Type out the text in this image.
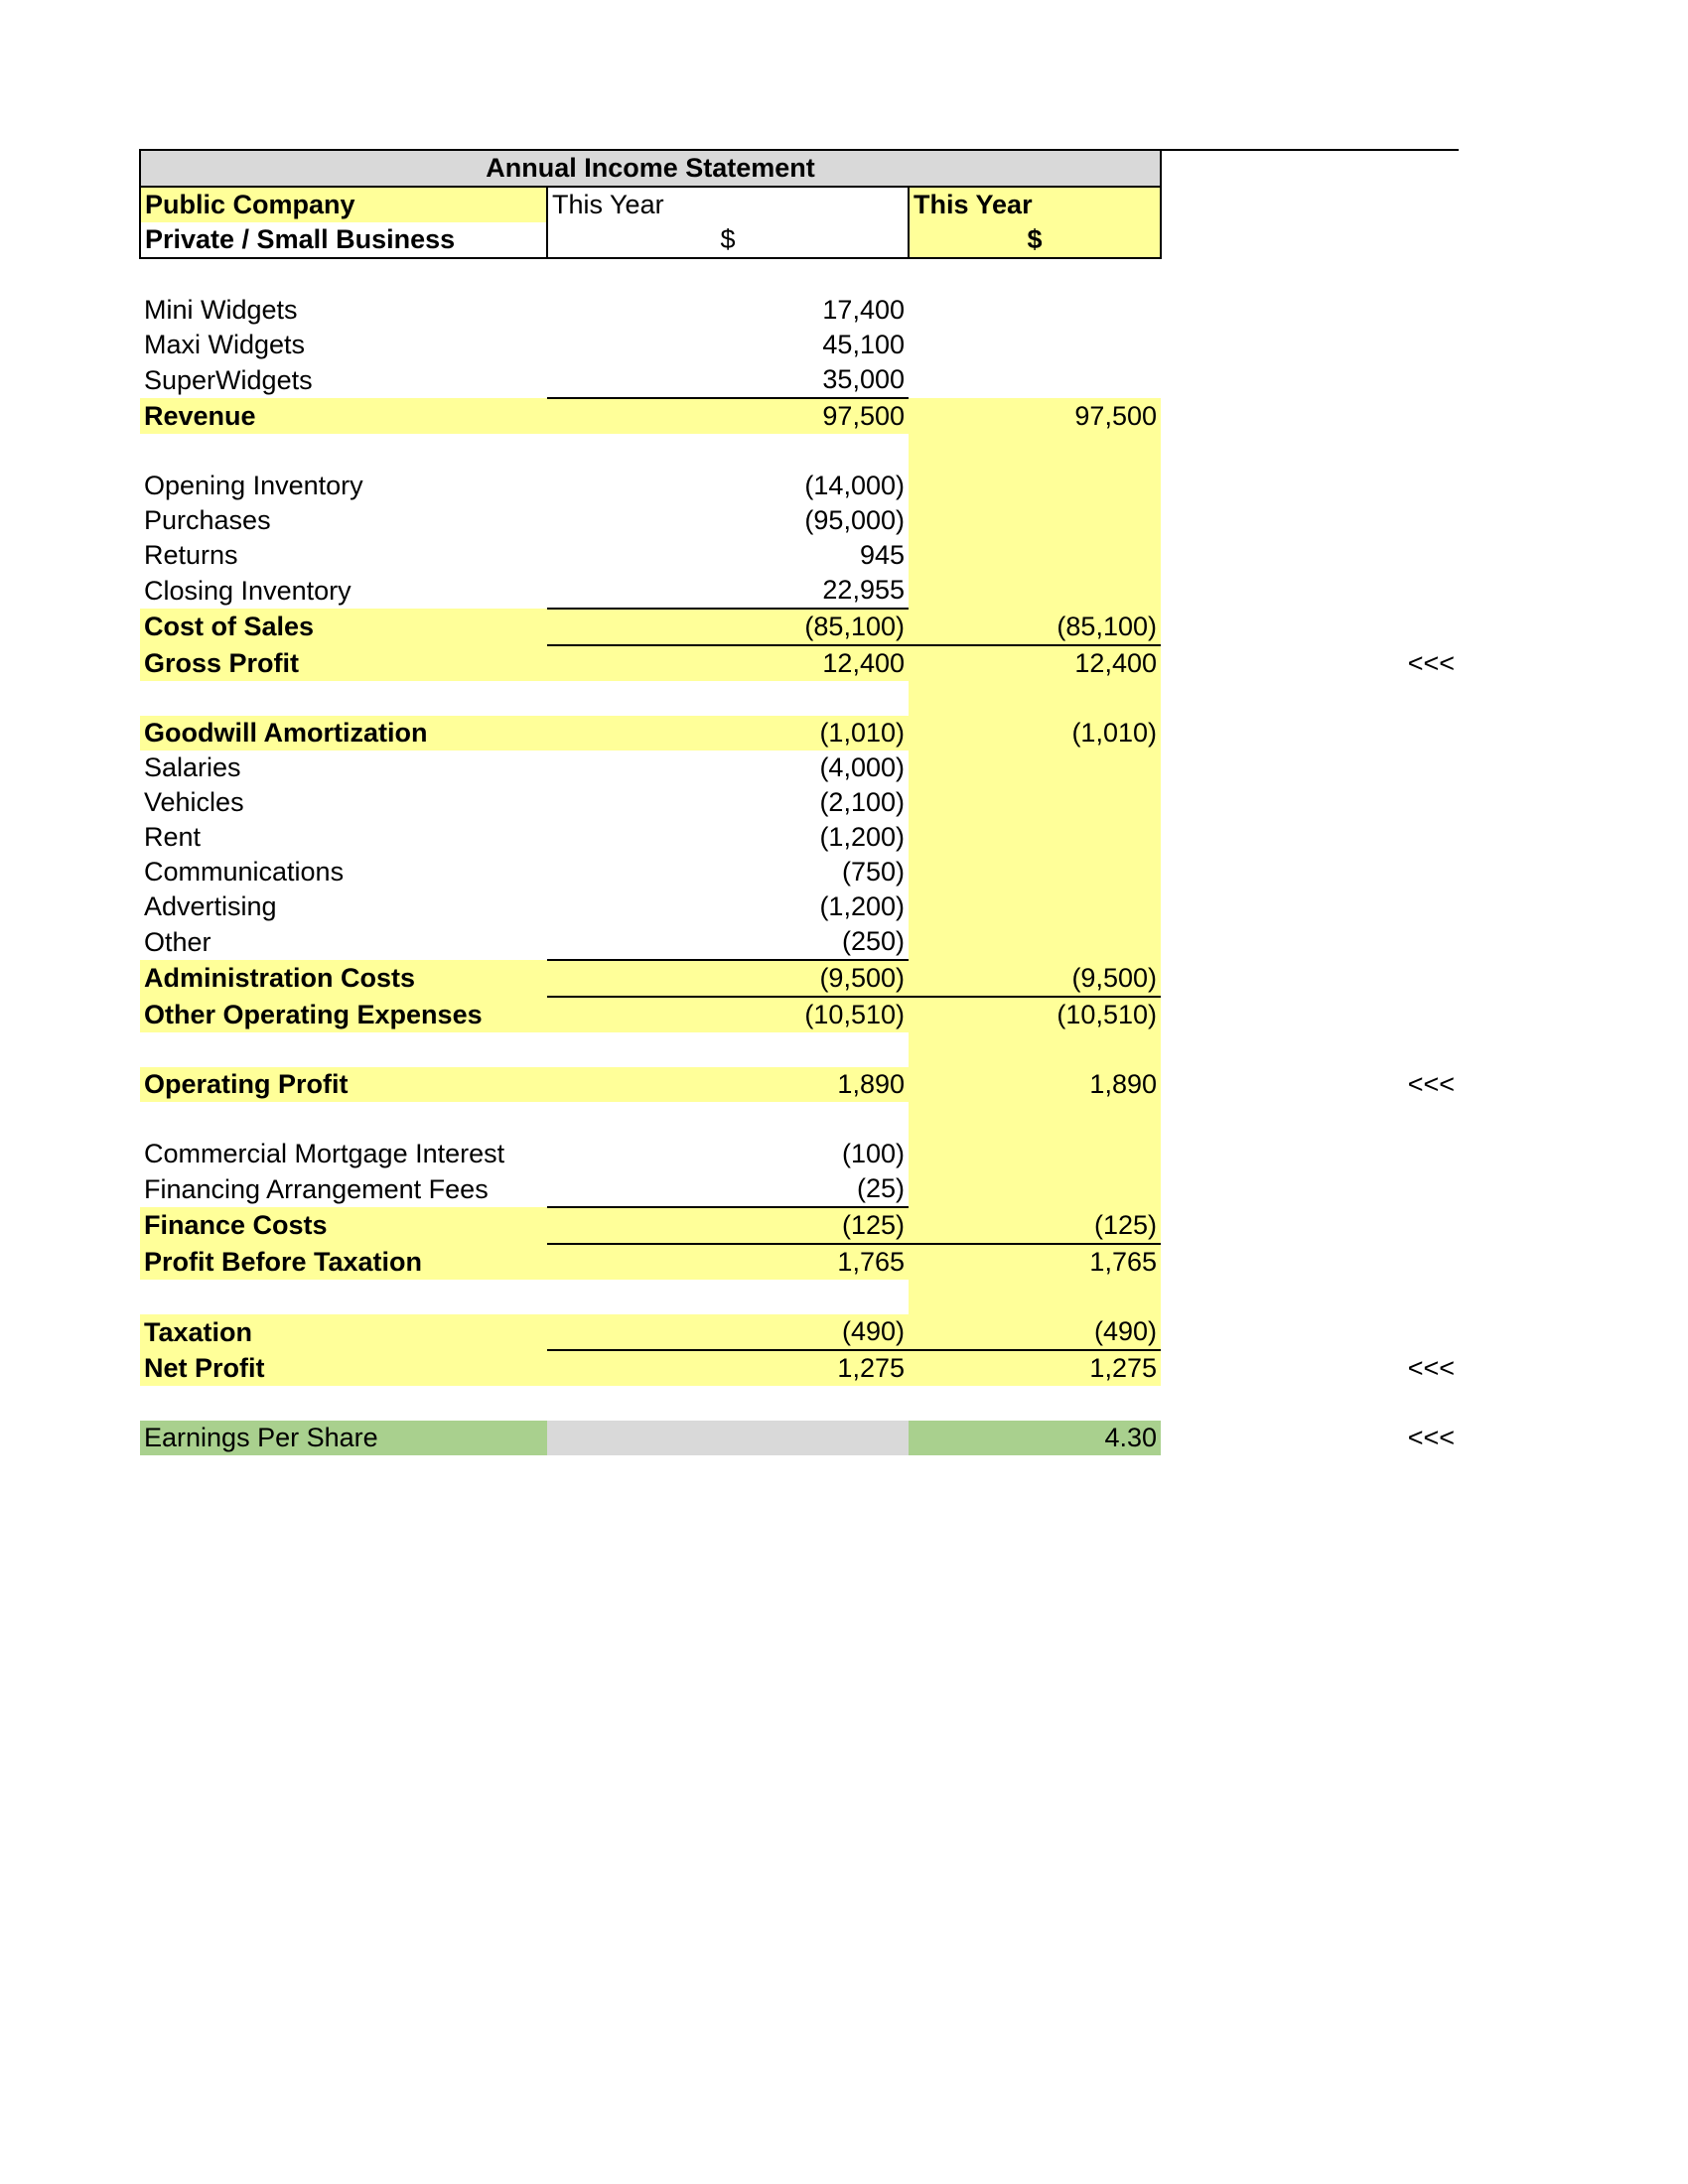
Annual Income Statement				
Public Company	This Year	This Year		
Private / Small Business	$	$		

Mini Widgets	17,400			
Maxi Widgets	45,100			
SuperWidgets	35,000			
Revenue	97,500	97,500		

Opening Inventory	(14,000)			
Purchases	(95,000)			
Returns	945			
Closing Inventory	22,955			
Cost of Sales	(85,100)	(85,100)		
Gross Profit	12,400	12,400		<<<

Goodwill Amortization	(1,010)	(1,010)		
Salaries	(4,000)			
Vehicles	(2,100)			
Rent	(1,200)			
Communications	(750)			
Advertising	(1,200)			
Other	(250)			
Administration Costs	(9,500)	(9,500)		
Other Operating Expenses	(10,510)	(10,510)		

Operating Profit	1,890	1,890		<<<

Commercial Mortgage Interest	(100)			
Financing Arrangement Fees	(25)			
Finance Costs	(125)	(125)		
Profit Before Taxation	1,765	1,765		

Taxation	(490)	(490)		
Net Profit	1,275	1,275		<<<

Earnings Per Share		4.30		<<<
